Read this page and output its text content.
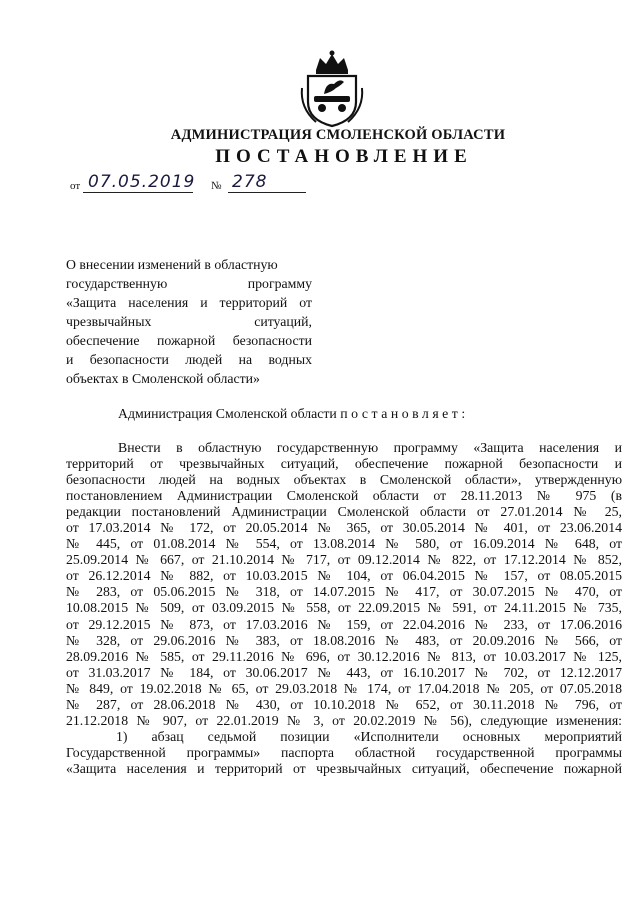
АДМИНИСТРАЦИЯ СМОЛЕНСКОЙ ОБЛАСТИ
ПОСТАНОВЛЕНИЕ
от 07.05.2019 № 278
О внесении изменений в областную
государственную программу
«Защита населения и территорий от
чрезвычайных ситуаций,
обеспечение пожарной безопасности
и безопасности людей на водных
объектах в Смоленской области»
Администрация Смоленской области постановляет:
Внести в областную государственную программу «Защита населения и
территорий от чрезвычайных ситуаций, обеспечение пожарной безопасности и
безопасности людей на водных объектах в Смоленской области», утвержденную
постановлением Администрации Смоленской области от 28.11.2013 № 975 (в
редакции постановлений Администрации Смоленской области от 27.01.2014 № 25,
от 17.03.2014 № 172, от 20.05.2014 № 365, от 30.05.2014 № 401, от 23.06.2014
№ 445, от 01.08.2014 № 554, от 13.08.2014 № 580, от 16.09.2014 № 648, от
25.09.2014 № 667, от 21.10.2014 № 717, от 09.12.2014 № 822, от 17.12.2014 № 852,
от 26.12.2014 № 882, от 10.03.2015 № 104, от 06.04.2015 № 157, от 08.05.2015
№ 283, от 05.06.2015 № 318, от 14.07.2015 № 417, от 30.07.2015 № 470, от
10.08.2015 № 509, от 03.09.2015 № 558, от 22.09.2015 № 591, от 24.11.2015 № 735,
от 29.12.2015 № 873, от 17.03.2016 № 159, от 22.04.2016 № 233, от 17.06.2016
№ 328, от 29.06.2016 № 383, от 18.08.2016 № 483, от 20.09.2016 № 566, от
28.09.2016 № 585, от 29.11.2016 № 696, от 30.12.2016 № 813, от 10.03.2017 № 125,
от 31.03.2017 № 184, от 30.06.2017 № 443, от 16.10.2017 № 702, от 12.12.2017
№ 849, от 19.02.2018 № 65, от 29.03.2018 № 174, от 17.04.2018 № 205, от 07.05.2018
№ 287, от 28.06.2018 № 430, от 10.10.2018 № 652, от 30.11.2018 № 796, от
21.12.2018 № 907, от 22.01.2019 № 3, от 20.02.2019 № 56), следующие изменения:
1) абзац седьмой позиции «Исполнители основных мероприятий
Государственной программы» паспорта областной государственной программы
«Защита населения и территорий от чрезвычайных ситуаций, обеспечение пожарной
